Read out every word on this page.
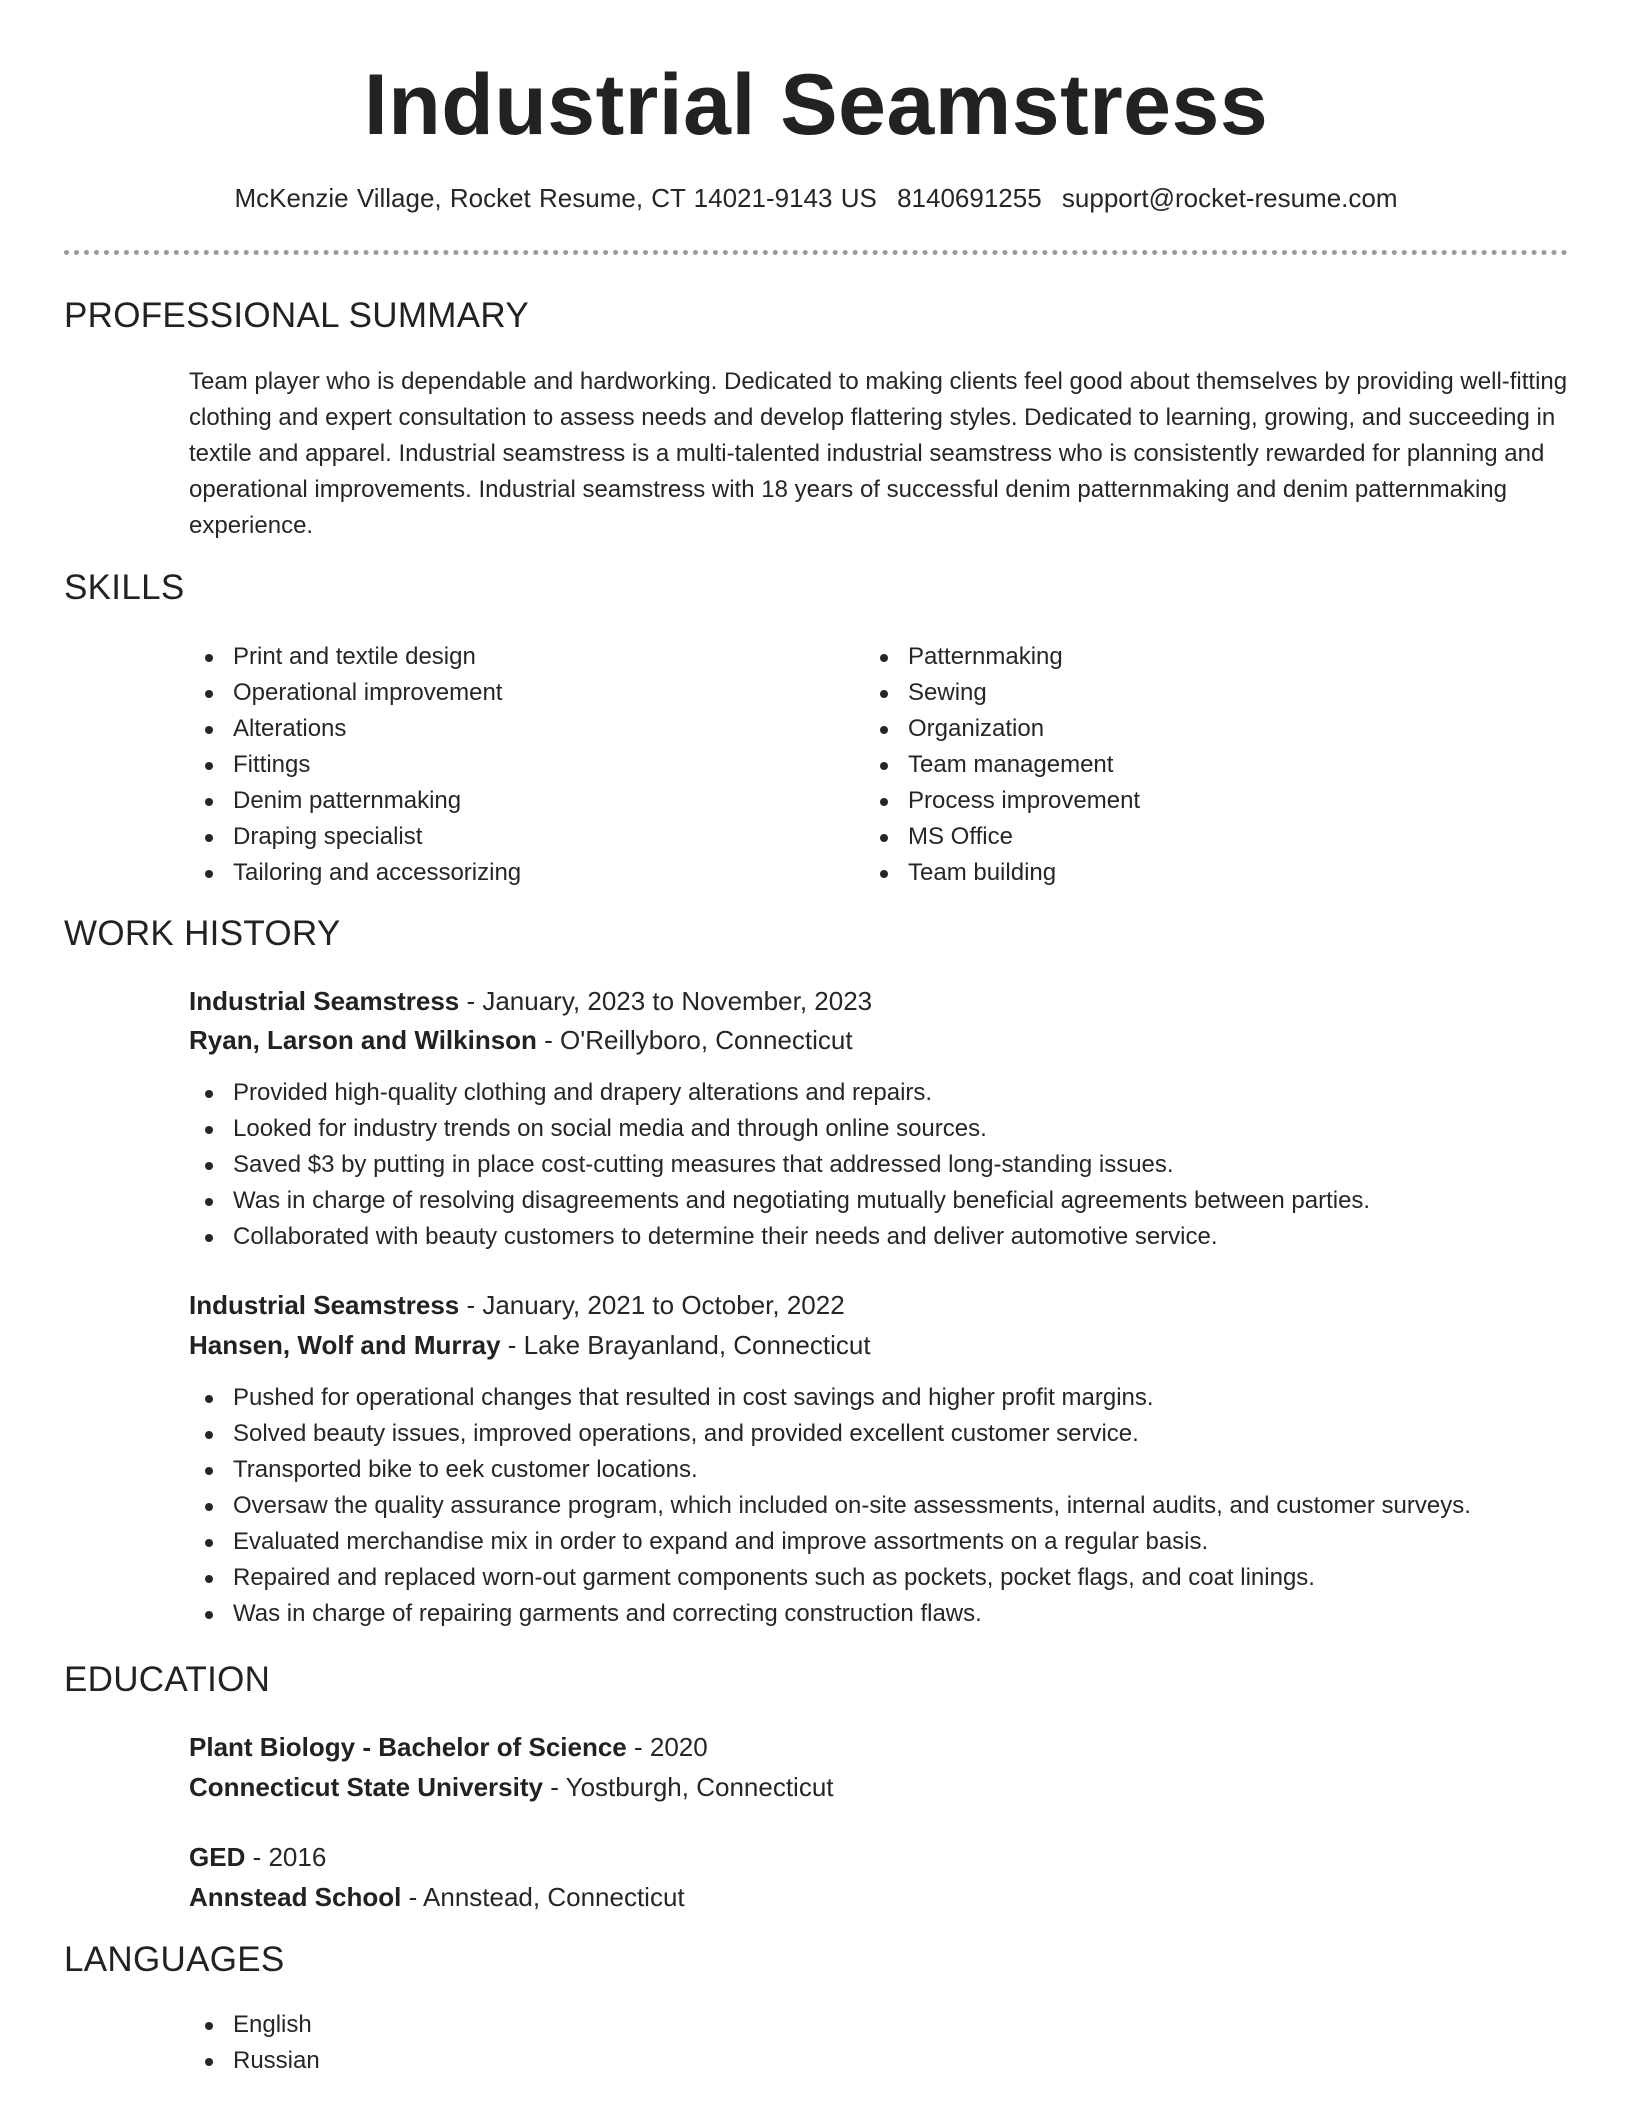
Industrial Seamstress
McKenzie Village, Rocket Resume, CT 14021-9143 US 8140691255 support@rocket-resume.com
PROFESSIONAL SUMMARY
Team player who is dependable and hardworking. Dedicated to making clients feel good about themselves by providing well-fitting clothing and expert consultation to assess needs and develop flattering styles. Dedicated to learning, growing, and succeeding in textile and apparel. Industrial seamstress is a multi-talented industrial seamstress who is consistently rewarded for planning and operational improvements. Industrial seamstress with 18 years of successful denim patternmaking and denim patternmaking experience.
SKILLS
Print and textile design
Operational improvement
Alterations
Fittings
Denim patternmaking
Draping specialist
Tailoring and accessorizing
Patternmaking
Sewing
Organization
Team management
Process improvement
MS Office
Team building
WORK HISTORY
Industrial Seamstress - January, 2023 to November, 2023
Ryan, Larson and Wilkinson - O'Reillyboro, Connecticut
Provided high-quality clothing and drapery alterations and repairs.
Looked for industry trends on social media and through online sources.
Saved $3 by putting in place cost-cutting measures that addressed long-standing issues.
Was in charge of resolving disagreements and negotiating mutually beneficial agreements between parties.
Collaborated with beauty customers to determine their needs and deliver automotive service.
Industrial Seamstress - January, 2021 to October, 2022
Hansen, Wolf and Murray - Lake Brayanland, Connecticut
Pushed for operational changes that resulted in cost savings and higher profit margins.
Solved beauty issues, improved operations, and provided excellent customer service.
Transported bike to eek customer locations.
Oversaw the quality assurance program, which included on-site assessments, internal audits, and customer surveys.
Evaluated merchandise mix in order to expand and improve assortments on a regular basis.
Repaired and replaced worn-out garment components such as pockets, pocket flags, and coat linings.
Was in charge of repairing garments and correcting construction flaws.
EDUCATION
Plant Biology - Bachelor of Science - 2020
Connecticut State University - Yostburgh, Connecticut
GED - 2016
Annstead School - Annstead, Connecticut
LANGUAGES
English
Russian
